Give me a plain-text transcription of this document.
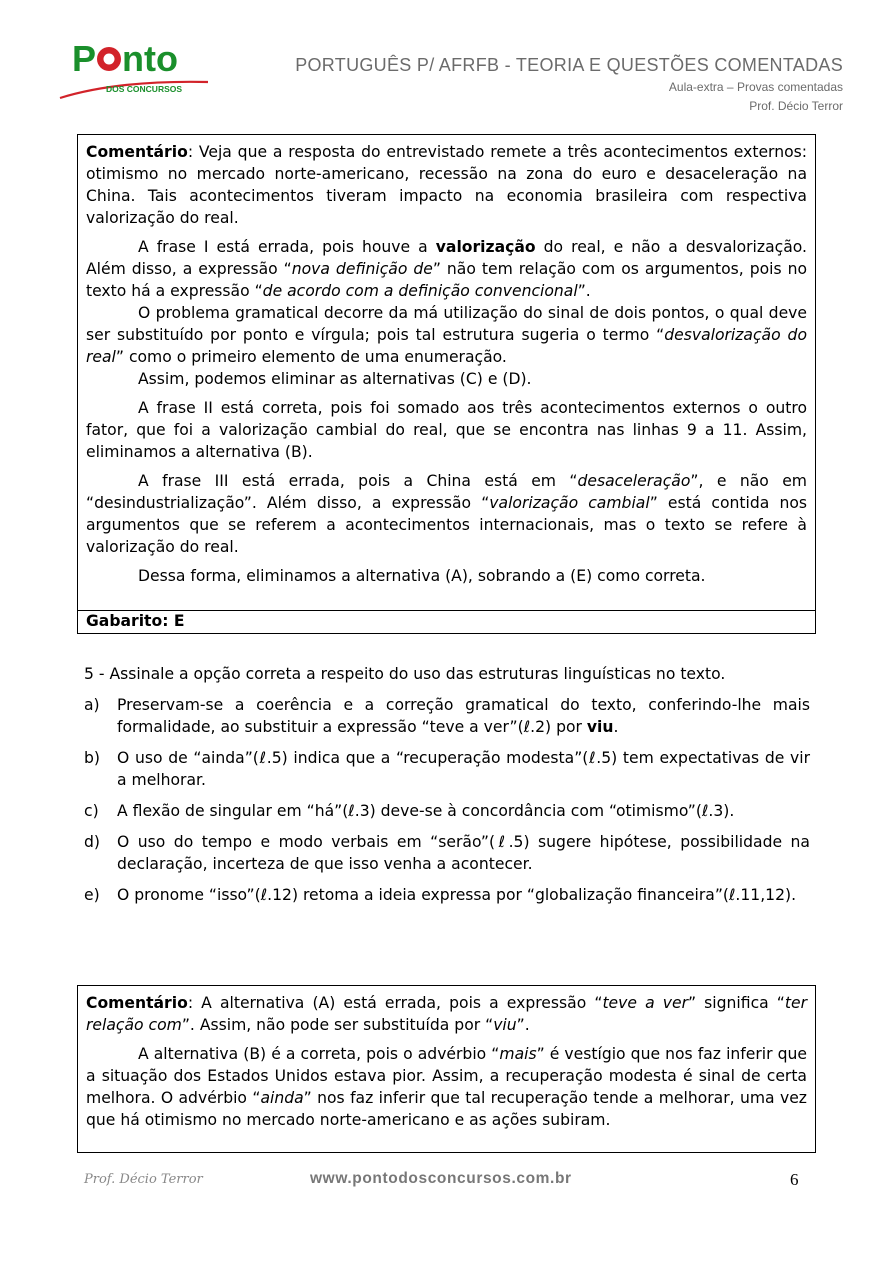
P nto
DOS CONCURSOS
PORTUGUÊS P/ AFRFB - TEORIA E QUESTÕES COMENTADAS
Aula-extra – Provas comentadas
Prof. Décio Terror

Comentário: Veja que a resposta do entrevistado remete a três acontecimentos externos: otimismo no mercado norte-americano, recessão na zona do euro e desaceleração na China. Tais acontecimentos tiveram impacto na economia brasileira com respectiva valorização do real.

A frase I está errada, pois houve a valorização do real, e não a desvalorização. Além disso, a expressão “nova definição de” não tem relação com os argumentos, pois no texto há a expressão “de acordo com a definição convencional”.

O problema gramatical decorre da má utilização do sinal de dois pontos, o qual deve ser substituído por ponto e vírgula; pois tal estrutura sugeria o termo “desvalorização do real” como o primeiro elemento de uma enumeração.

Assim, podemos eliminar as alternativas (C) e (D).

A frase II está correta, pois foi somado aos três acontecimentos externos o outro fator, que foi a valorização cambial do real, que se encontra nas linhas 9 a 11. Assim, eliminamos a alternativa (B).

A frase III está errada, pois a China está em “desaceleração”, e não em “desindustrialização”. Além disso, a expressão “valorização cambial” está contida nos argumentos que se referem a acontecimentos internacionais, mas o texto se refere à valorização do real.

Dessa forma, eliminamos a alternativa (A), sobrando a (E) como correta.

Gabarito: E

5 - Assinale a opção correta a respeito do uso das estruturas linguísticas no texto.

a)	Preservam-se a coerência e a correção gramatical do texto, conferindo-lhe mais formalidade, ao substituir a expressão “teve a ver”(ℓ.2) por viu.

b)	O uso de “ainda”(ℓ.5) indica que a “recuperação modesta”(ℓ.5) tem expectativas de vir a melhorar.

c)	A flexão de singular em “há”(ℓ.3) deve-se à concordância com “otimismo”(ℓ.3).

d)	O uso do tempo e modo verbais em “serão”(ℓ.5) sugere hipótese, possibilidade na declaração, incerteza de que isso venha a acontecer.

e)	O pronome “isso”(ℓ.12) retoma a ideia expressa por “globalização financeira”(ℓ.11,12).

Comentário: A alternativa (A) está errada, pois a expressão “teve a ver” significa “ter relação com”. Assim, não pode ser substituída por “viu”.

A alternativa (B) é a correta, pois o advérbio “mais” é vestígio que nos faz inferir que a situação dos Estados Unidos estava pior. Assim, a recuperação modesta é sinal de certa melhora. O advérbio “ainda” nos faz inferir que tal recuperação tende a melhorar, uma vez que há otimismo no mercado norte-americano e as ações subiram.

Prof. Décio Terror	www.pontodosconcursos.com.br	6
